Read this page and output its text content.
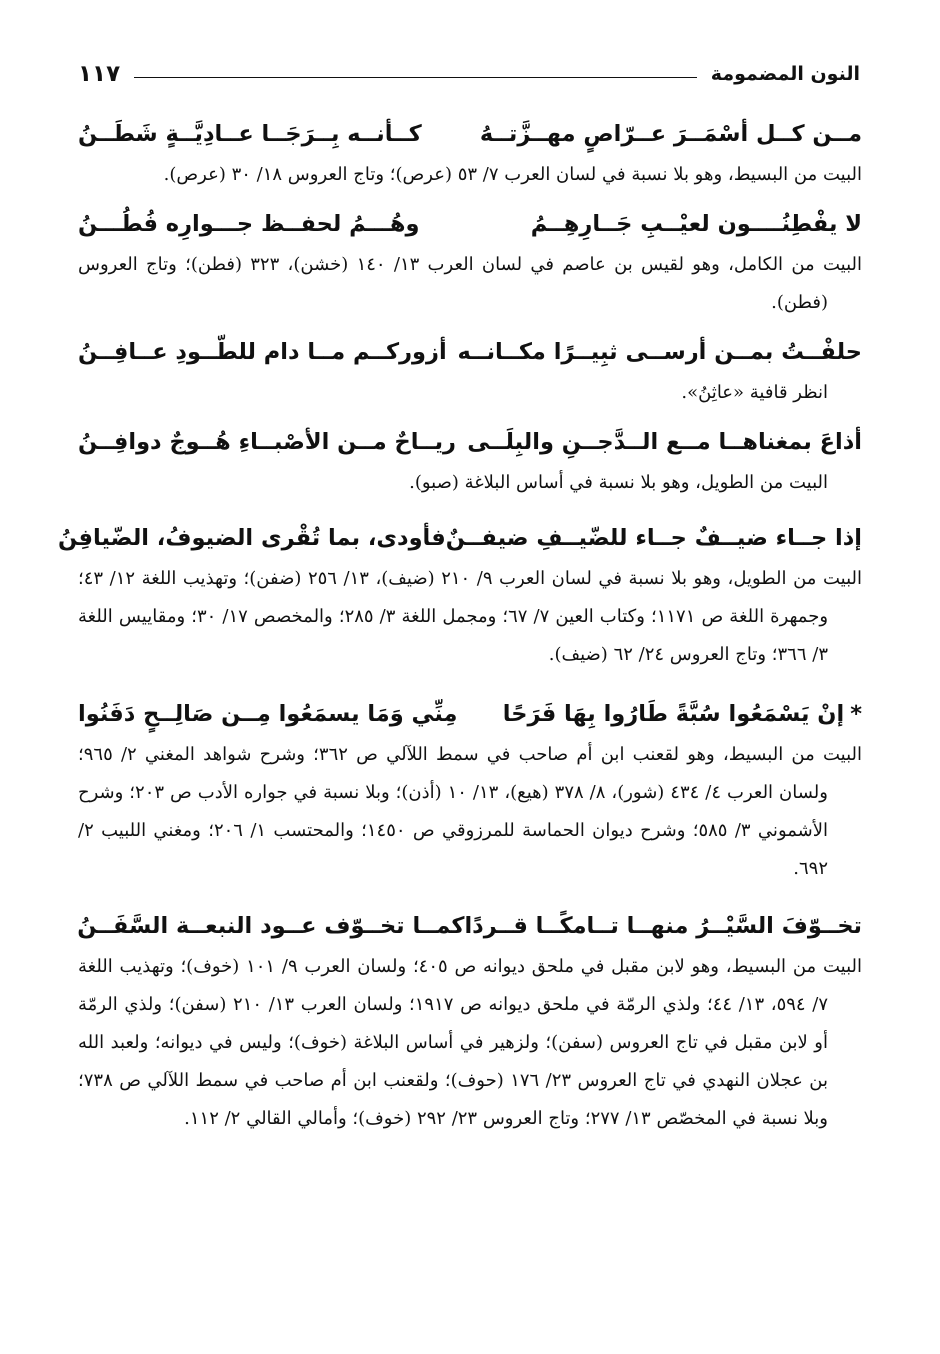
النون المضمومة
١١٧
مــن كــل أسْمَــرَ عــرّاصٍ مهــزَّتــهُ
كــأنــه بِــرَجَــا عــادِيَّــةٍ شَطَــنُ

البيت من البسيط، وهو بلا نسبة في لسان العرب ٧/ ٥٣ (عرص)؛ وتاج العروس ١٨/ ٣٠ (عرص).

لا يفْطِنُــــون لعيْــبِ جَــارِهِــمُ
وهُـــمُ لحفــظ جـــوارِه فُطُـــنُ

البيت من الكامل، وهو لقيس بن عاصم في لسان العرب ١٣/ ١٤٠ (خشن)، ٣٢٣ (فطن)؛ وتاج العروس (فطن).

حلفْــتُ بمــن أرســى ثبِيــرًا مكــانــه
أزوركــم مــا دام للطّــودِ عــافِــنُ

انظر قافية «عاثِنُ».

أذاعَ بمغناهــا مــع الــدَّجــنِ والبِلَــى
ريــاحٌ مــن الأصْبــاءِ هُــوجٌ دوافِــنُ

البيت من الطويل، وهو بلا نسبة في أساس البلاغة (صبو).

إذا جــاء ضيــفٌ جــاء للضّيــفِ ضيفــنٌ
فأودى، بما تُقْرى الضيوفُ، الضّيافِنُ

البيت من الطويل، وهو بلا نسبة في لسان العرب ٩/ ٢١٠ (ضيف)، ١٣/ ٢٥٦ (ضفن)؛ وتهذيب اللغة ١٢/ ٤٣؛ وجمهرة اللغة ص ١١٧١؛ وكتاب العين ٧/ ٦٧؛ ومجمل اللغة ٣/ ٢٨٥؛ والمخصص ١٧/ ٣٠؛ ومقاييس اللغة ٣/ ٣٦٦؛ وتاج العروس ٢٤/ ٦٢ (ضيف).

*إنْ يَسْمَعُوا سُبَّةً طَارُوا بِهَا فَرَحًا
مِنِّي وَمَا يسمَعُوا مِــن صَالِــحٍ دَفَنُوا

البيت من البسيط، وهو لقعنب ابن أم صاحب في سمط اللآلي ص ٣٦٢؛ وشرح شواهد المغني ٢/ ٩٦٥؛ ولسان العرب ٤/ ٤٣٤ (شور)، ٨/ ٣٧٨ (هيع)، ١٣/ ١٠ (أذن)؛ وبلا نسبة في جواره الأدب ص ٢٠٣؛ وشرح الأشموني ٣/ ٥٨٥؛ وشرح ديوان الحماسة للمرزوقي ص ١٤٥٠؛ والمحتسب ١/ ٢٠٦؛ ومغني اللبيب ٢/ ٦٩٢.

تخــوّفَ السَّيْــرُ منهــا تــامكًــا قــردًا
كمــا تخــوّف عــود النبعــة السَّفَــنُ

البيت من البسيط، وهو لابن مقبل في ملحق ديوانه ص ٤٠٥؛ ولسان العرب ٩/ ١٠١ (خوف)؛ وتهذيب اللغة ٧/ ٥٩٤، ١٣/ ٤٤؛ ولذي الرمّة في ملحق ديوانه ص ١٩١٧؛ ولسان العرب ١٣/ ٢١٠ (سفن)؛ ولذي الرمّة أو لابن مقبل في تاج العروس (سفن)؛ ولزهير في أساس البلاغة (خوف)؛ وليس في ديوانه؛ ولعبد الله بن عجلان النهدي في تاج العروس ٢٣/ ١٧٦ (حوف)؛ ولقعنب ابن أم صاحب في سمط اللآلي ص ٧٣٨؛ وبلا نسبة في المخصّص ١٣/ ٢٧٧؛ وتاج العروس ٢٣/ ٢٩٢ (خوف)؛ وأمالي القالي ٢/ ١١٢.
